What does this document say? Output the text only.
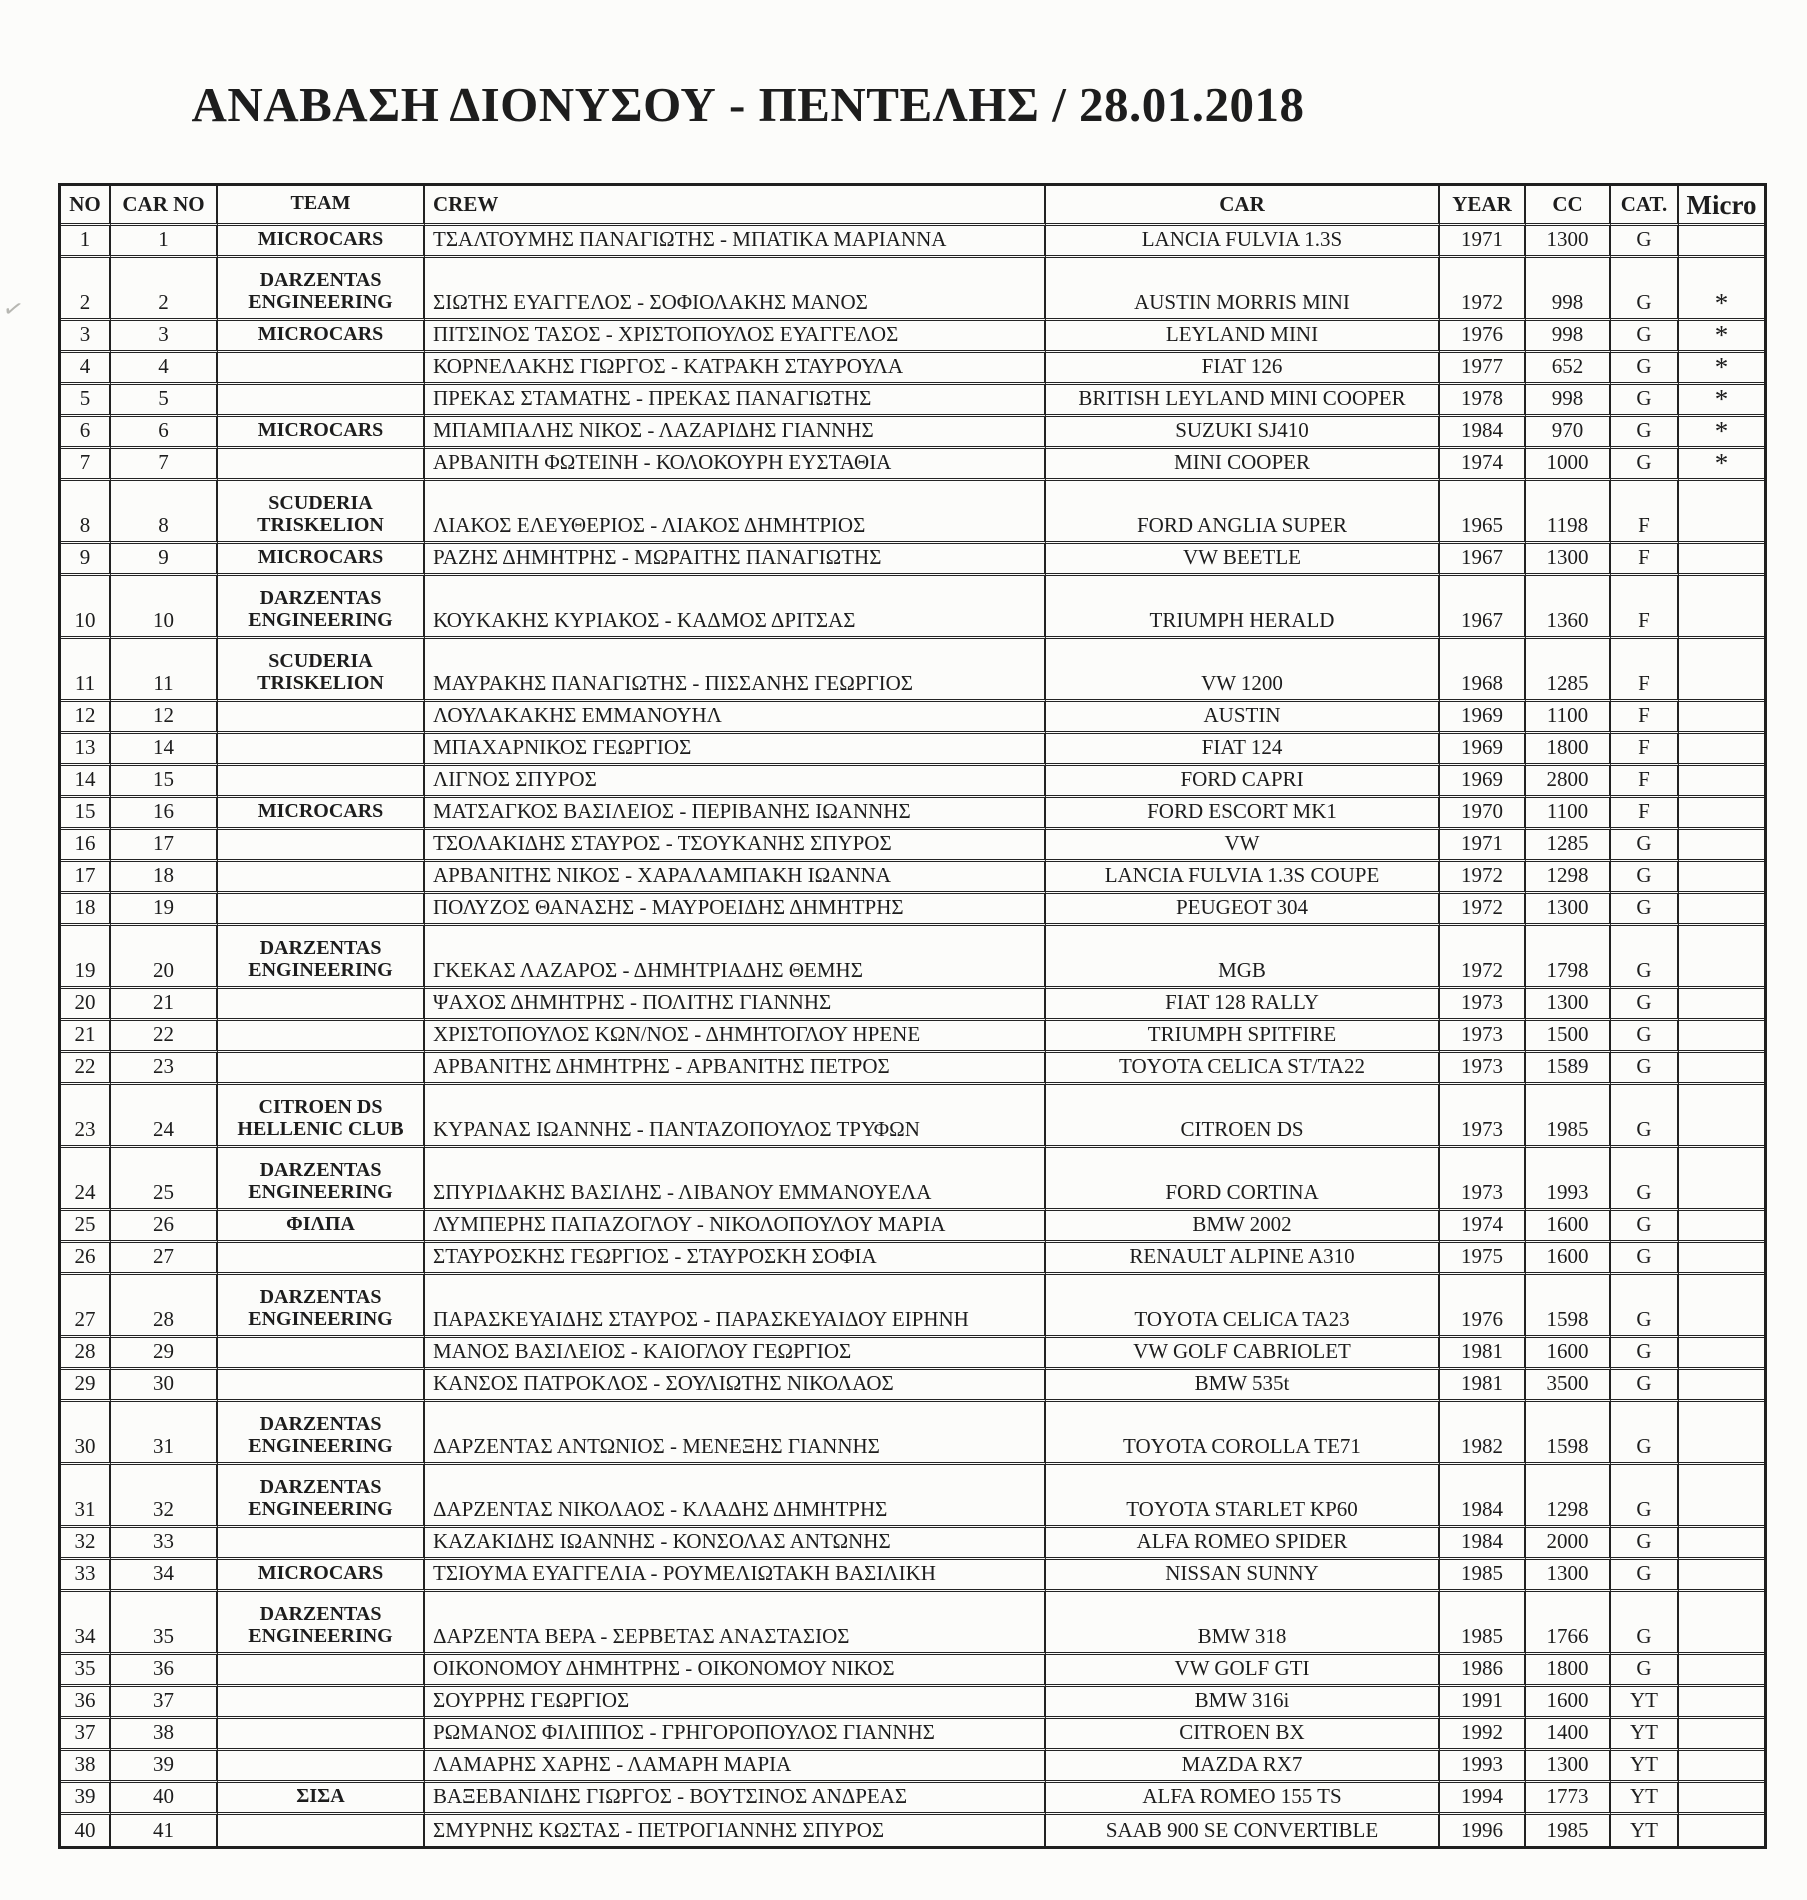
✓
ΑΝΑΒΑΣΗ ΔΙΟΝΥΣΟΥ - ΠΕΝΤΕΛΗΣ / 28.01.2018
NO	CAR NO	TEAM	CREW	CAR	YEAR	CC	CAT.	Micro
1	1	MICROCARS	ΤΣΑΛΤΟΥΜΗΣ ΠΑΝΑΓΙΩΤΗΣ - ΜΠΑΤΙΚΑ ΜΑΡΙΑΝΝΑ	LANCIA FULVIA 1.3S	1971	1300	G	
2	2	DARZENTAS ENGINEERING	ΣΙΩΤΗΣ ΕΥΑΓΓΕΛΟΣ - ΣΟΦΙΟΛΑΚΗΣ ΜΑΝΟΣ	AUSTIN MORRIS MINI	1972	998	G	*
3	3	MICROCARS	ΠΙΤΣΙΝΟΣ ΤΑΣΟΣ - ΧΡΙΣΤΟΠΟΥΛΟΣ ΕΥΑΓΓΕΛΟΣ	LEYLAND MINI	1976	998	G	*
4	4		ΚΟΡΝΕΛΑΚΗΣ ΓΙΩΡΓΟΣ - ΚΑΤΡΑΚΗ ΣΤΑΥΡΟΥΛΑ	FIAT 126	1977	652	G	*
5	5		ΠΡΕΚΑΣ ΣΤΑΜΑΤΗΣ - ΠΡΕΚΑΣ ΠΑΝΑΓΙΩΤΗΣ	BRITISH LEYLAND MINI COOPER	1978	998	G	*
6	6	MICROCARS	ΜΠΑΜΠΑΛΗΣ ΝΙΚΟΣ - ΛΑΖΑΡΙΔΗΣ ΓΙΑΝΝΗΣ	SUZUKI SJ410	1984	970	G	*
7	7		ΑΡΒΑΝΙΤΗ ΦΩΤΕΙΝΗ - ΚΟΛΟΚΟΥΡΗ ΕΥΣΤΑΘΙΑ	MINI COOPER	1974	1000	G	*
8	8	SCUDERIA TRISKELION	ΛΙΑΚΟΣ ΕΛΕΥΘΕΡΙΟΣ - ΛΙΑΚΟΣ ΔΗΜΗΤΡΙΟΣ	FORD ANGLIA SUPER	1965	1198	F	
9	9	MICROCARS	ΡΑΖΗΣ ΔΗΜΗΤΡΗΣ - ΜΩΡΑΙΤΗΣ ΠΑΝΑΓΙΩΤΗΣ	VW BEETLE	1967	1300	F	
10	10	DARZENTAS ENGINEERING	ΚΟΥΚΑΚΗΣ ΚΥΡΙΑΚΟΣ - ΚΑΔΜΟΣ ΔΡΙΤΣΑΣ	TRIUMPH HERALD	1967	1360	F	
11	11	SCUDERIA TRISKELION	ΜΑΥΡΑΚΗΣ ΠΑΝΑΓΙΩΤΗΣ - ΠΙΣΣΑΝΗΣ ΓΕΩΡΓΙΟΣ	VW 1200	1968	1285	F	
12	12		ΛΟΥΛΑΚΑΚΗΣ ΕΜΜΑΝΟΥΗΛ	AUSTIN	1969	1100	F	
13	14		ΜΠΑΧΑΡΝΙΚΟΣ ΓΕΩΡΓΙΟΣ	FIAT 124	1969	1800	F	
14	15		ΛΙΓΝΟΣ ΣΠΥΡΟΣ	FORD CAPRI	1969	2800	F	
15	16	MICROCARS	ΜΑΤΣΑΓΚΟΣ ΒΑΣΙΛΕΙΟΣ - ΠΕΡΙΒΑΝΗΣ ΙΩΑΝΝΗΣ	FORD ESCORT MK1	1970	1100	F	
16	17		ΤΣΟΛΑΚΙΔΗΣ ΣΤΑΥΡΟΣ - ΤΣΟΥΚΑΝΗΣ ΣΠΥΡΟΣ	VW	1971	1285	G	
17	18		ΑΡΒΑΝΙΤΗΣ ΝΙΚΟΣ - ΧΑΡΑΛΑΜΠΑΚΗ ΙΩΑΝΝΑ	LANCIA FULVIA 1.3S COUPE	1972	1298	G	
18	19		ΠΟΛΥΖΟΣ ΘΑΝΑΣΗΣ - ΜΑΥΡΟΕΙΔΗΣ ΔΗΜΗΤΡΗΣ	PEUGEOT 304	1972	1300	G	
19	20	DARZENTAS ENGINEERING	ΓΚΕΚΑΣ ΛΑΖΑΡΟΣ - ΔΗΜΗΤΡΙΑΔΗΣ ΘΕΜΗΣ	MGB	1972	1798	G	
20	21		ΨΑΧΟΣ ΔΗΜΗΤΡΗΣ - ΠΟΛΙΤΗΣ ΓΙΑΝΝΗΣ	FIAT 128 RALLY	1973	1300	G	
21	22		ΧΡΙΣΤΟΠΟΥΛΟΣ ΚΩΝ/ΝΟΣ - ΔΗΜΗΤΟΓΛΟΥ ΗΡΕΝΕ	TRIUMPH SPITFIRE	1973	1500	G	
22	23		ΑΡΒΑΝΙΤΗΣ ΔΗΜΗΤΡΗΣ - ΑΡΒΑΝΙΤΗΣ ΠΕΤΡΟΣ	TOYOTA CELICA ST/TA22	1973	1589	G	
23	24	CITROEN DS HELLENIC CLUB	ΚΥΡΑΝΑΣ ΙΩΑΝΝΗΣ - ΠΑΝΤΑΖΟΠΟΥΛΟΣ ΤΡΥΦΩΝ	CITROEN DS	1973	1985	G	
24	25	DARZENTAS ENGINEERING	ΣΠΥΡΙΔΑΚΗΣ ΒΑΣΙΛΗΣ - ΛΙΒΑΝΟΥ ΕΜΜΑΝΟΥΕΛΑ	FORD CORTINA	1973	1993	G	
25	26	ΦΙΛΠΑ	ΛΥΜΠΕΡΗΣ ΠΑΠΑΖΟΓΛΟΥ - ΝΙΚΟΛΟΠΟΥΛΟΥ ΜΑΡΙΑ	BMW 2002	1974	1600	G	
26	27		ΣΤΑΥΡΟΣΚΗΣ ΓΕΩΡΓΙΟΣ - ΣΤΑΥΡΟΣΚΗ ΣΟΦΙΑ	RENAULT ALPINE A310	1975	1600	G	
27	28	DARZENTAS ENGINEERING	ΠΑΡΑΣΚΕΥΑΙΔΗΣ ΣΤΑΥΡΟΣ - ΠΑΡΑΣΚΕΥΑΙΔΟΥ ΕΙΡΗΝΗ	TOYOTA CELICA TA23	1976	1598	G	
28	29		ΜΑΝΟΣ ΒΑΣΙΛΕΙΟΣ - ΚΑΙΟΓΛΟΥ ΓΕΩΡΓΙΟΣ	VW GOLF CABRIOLET	1981	1600	G	
29	30		ΚΑΝΣΟΣ ΠΑΤΡΟΚΛΟΣ - ΣΟΥΛΙΩΤΗΣ ΝΙΚΟΛΑΟΣ	BMW 535t	1981	3500	G	
30	31	DARZENTAS ENGINEERING	ΔΑΡΖΕΝΤΑΣ ΑΝΤΩΝΙΟΣ - ΜΕΝΕΞΗΣ ΓΙΑΝΝΗΣ	TOYOTA COROLLA TE71	1982	1598	G	
31	32	DARZENTAS ENGINEERING	ΔΑΡΖΕΝΤΑΣ ΝΙΚΟΛΑΟΣ - ΚΛΑΔΗΣ ΔΗΜΗΤΡΗΣ	TOYOTA STARLET KP60	1984	1298	G	
32	33		ΚΑΖΑΚΙΔΗΣ ΙΩΑΝΝΗΣ - ΚΟΝΣΟΛΑΣ ΑΝΤΩΝΗΣ	ALFA ROMEO SPIDER	1984	2000	G	
33	34	MICROCARS	ΤΣΙΟΥΜΑ ΕΥΑΓΓΕΛΙΑ - ΡΟΥΜΕΛΙΩΤΑΚΗ ΒΑΣΙΛΙΚΗ	NISSAN SUNNY	1985	1300	G	
34	35	DARZENTAS ENGINEERING	ΔΑΡΖΕΝΤΑ ΒΕΡΑ - ΣΕΡΒΕΤΑΣ ΑΝΑΣΤΑΣΙΟΣ	BMW 318	1985	1766	G	
35	36		ΟΙΚΟΝΟΜΟΥ ΔΗΜΗΤΡΗΣ - ΟΙΚΟΝΟΜΟΥ ΝΙΚΟΣ	VW GOLF GTI	1986	1800	G	
36	37		ΣΟΥΡΡΗΣ ΓΕΩΡΓΙΟΣ	BMW 316i	1991	1600	YT	
37	38		ΡΩΜΑΝΟΣ ΦΙΛΙΠΠΟΣ - ΓΡΗΓΟΡΟΠΟΥΛΟΣ ΓΙΑΝΝΗΣ	CITROEN BX	1992	1400	YT	
38	39		ΛΑΜΑΡΗΣ ΧΑΡΗΣ - ΛΑΜΑΡΗ ΜΑΡΙΑ	MAZDA RX7	1993	1300	YT	
39	40	ΣΙΣΑ	ΒΑΞΕΒΑΝΙΔΗΣ ΓΙΩΡΓΟΣ - ΒΟΥΤΣΙΝΟΣ ΑΝΔΡΕΑΣ	ALFA ROMEO 155 TS	1994	1773	YT	
40	41		ΣΜΥΡΝΗΣ ΚΩΣΤΑΣ - ΠΕΤΡΟΓΙΑΝΝΗΣ ΣΠΥΡΟΣ	SAAB 900 SE CONVERTIBLE	1996	1985	YT	
